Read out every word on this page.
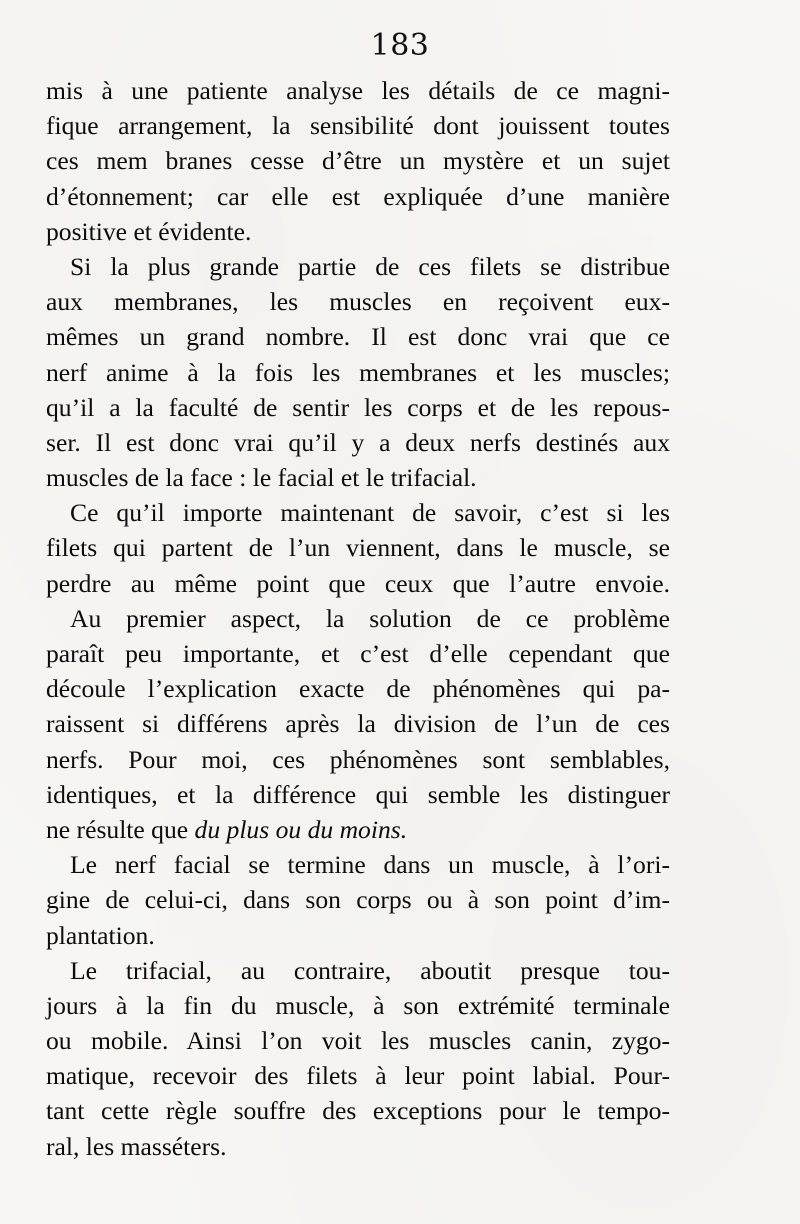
183
mis à une patiente analyse les détails de ce magni-
fique arrangement, la sensibilité dont jouissent toutes
ces mem branes cesse d’être un mystère et un sujet
d’étonnement; car elle est expliquée d’une manière
positive et évidente.
Si la plus grande partie de ces filets se distribue
aux membranes, les muscles en reçoivent eux-
mêmes un grand nombre. Il est donc vrai que ce
nerf anime à la fois les membranes et les muscles;
qu’il a la faculté de sentir les corps et de les repous-
ser. Il est donc vrai qu’il y a deux nerfs destinés aux
muscles de la face : le facial et le trifacial.
Ce qu’il importe maintenant de savoir, c’est si les
filets qui partent de l’un viennent, dans le muscle, se
perdre au même point que ceux que l’autre envoie.
Au premier aspect, la solution de ce problème
paraît peu importante, et c’est d’elle cependant que
découle l’explication exacte de phénomènes qui pa-
raissent si différens après la division de l’un de ces
nerfs. Pour moi, ces phénomènes sont semblables,
identiques, et la différence qui semble les distinguer
ne résulte que du plus ou du moins.
Le nerf facial se termine dans un muscle, à l’ori-
gine de celui-ci, dans son corps ou à son point d’im-
plantation.
Le trifacial, au contraire, aboutit presque tou-
jours à la fin du muscle, à son extrémité terminale
ou mobile. Ainsi l’on voit les muscles canin, zygo-
matique, recevoir des filets à leur point labial. Pour-
tant cette règle souffre des exceptions pour le tempo-
ral, les masséters.
